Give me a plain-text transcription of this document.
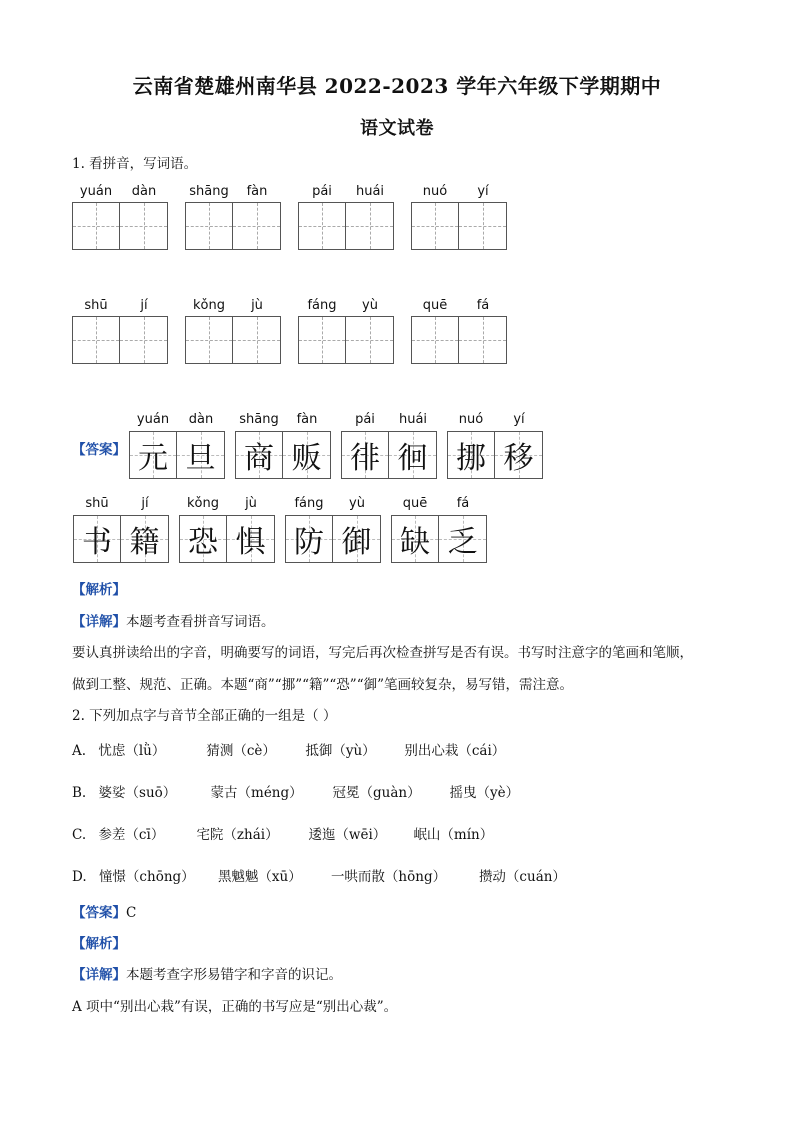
云南省楚雄州南华县 2022-2023 学年六年级下学期期中
语文试卷
1. 看拼音，写词语。
yuán	dàn	shāng	fàn	pái	huái	nuó	yí
shū	jí	kǒng	jù	fáng	yù	quē	fá
【答案】
yuán	dàn
元 旦
shāng	fàn
商 贩
pái	huái
徘 徊
nuó	yí
挪 移
shū	jí
书 籍
kǒng	jù
恐 惧
fáng	yù
防 御
quē	fá
缺 乏
【解析】
【详解】本题考查看拼音写词语。
要认真拼读给出的字音，明确要写的词语，写完后再次检查拼写是否有误。书写时注意字的笔画和笔顺，
做到工整、规范、正确。本题“商”“挪”“籍”“恐”“御”笔画较复杂，易写错，需注意。
2. 下列加点字与音节全部正确的一组是（ ）
A. 忧虑（lǜ）	猜测（cè） 抵御（yù） 别出心栽（cái）
B. 婆娑（suō）	蒙古（méng） 冠冕（guàn） 摇曳（yè）
C. 参差（cī） 宅院（zhái） 逶迤（wēi） 岷山（mín）
D. 憧憬（chōng） 黑魆魆（xū） 一哄而散（hōng） 攒动（cuán）
【答案】C
【解析】
【详解】本题考查字形易错字和字音的识记。
A 项中“别出心栽”有误，正确的书写应是“别出心裁”。
